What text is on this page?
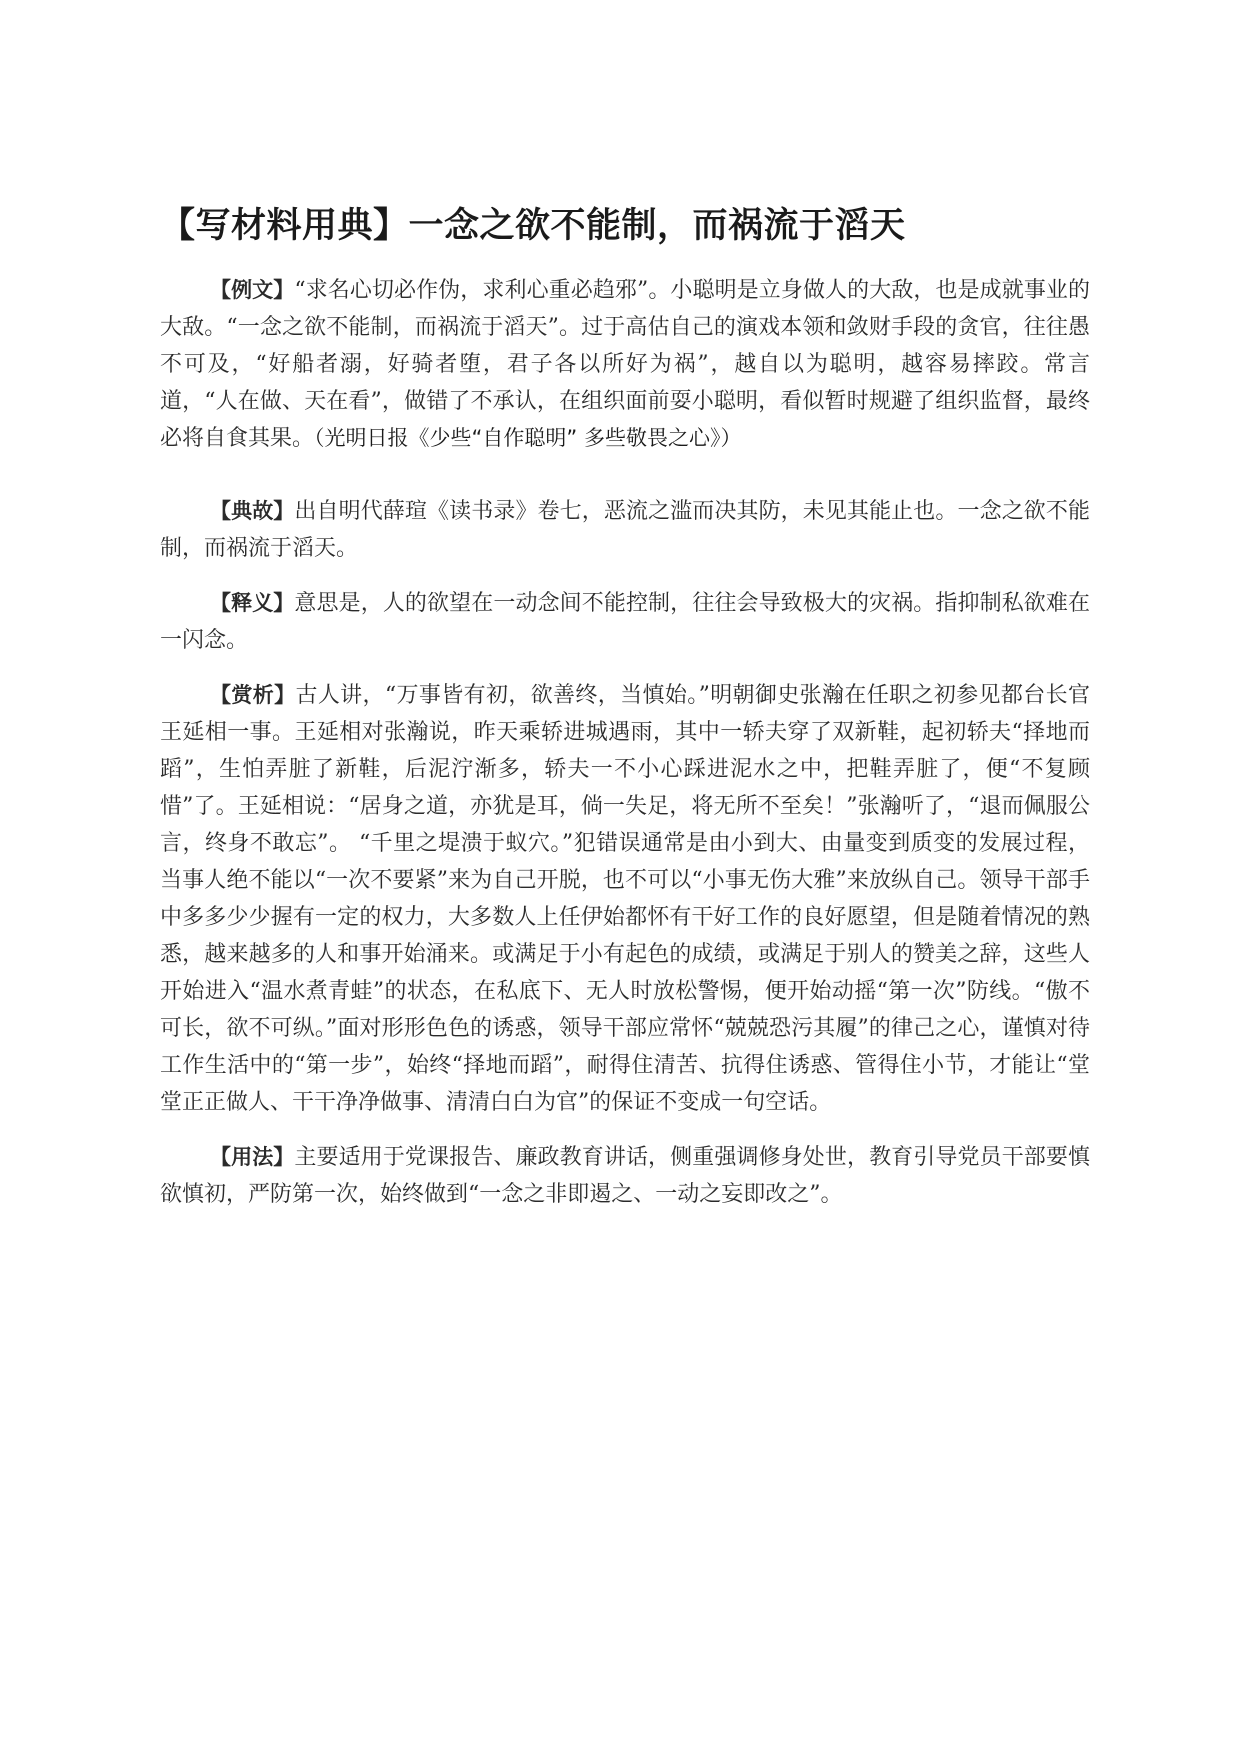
【写材料用典】一念之欲不能制，而祸流于滔天

【例文】“求名心切必作伪，求利心重必趋邪”。小聪明是立身做人的大敌，也是成就事业的大敌。“一念之欲不能制，而祸流于滔天”。过于高估自己的演戏本领和敛财手段的贪官，往往愚不可及，“好船者溺，好骑者堕，君子各以所好为祸”，越自以为聪明，越容易摔跤。常言道，“人在做、天在看”，做错了不承认，在组织面前耍小聪明，看似暂时规避了组织监督，最终必将自食其果。（光明日报《少些“自作聪明” 多些敬畏之心》）

【典故】出自明代薛瑄《读书录》卷七，恶流之滥而决其防，未见其能止也。一念之欲不能制，而祸流于滔天。

【释义】意思是，人的欲望在一动念间不能控制，往往会导致极大的灾祸。指抑制私欲难在一闪念。

【赏析】古人讲，“万事皆有初，欲善终，当慎始。”明朝御史张瀚在任职之初参见都台长官王延相一事。王延相对张瀚说，昨天乘轿进城遇雨，其中一轿夫穿了双新鞋，起初轿夫“择地而蹈”，生怕弄脏了新鞋，后泥泞渐多，轿夫一不小心踩进泥水之中，把鞋弄脏了，便“不复顾惜”了。王延相说：“居身之道，亦犹是耳，倘一失足，将无所不至矣！”张瀚听了，“退而佩服公言，终身不敢忘”。 “千里之堤溃于蚁穴。”犯错误通常是由小到大、由量变到质变的发展过程，当事人绝不能以“一次不要紧”来为自己开脱，也不可以“小事无伤大雅”来放纵自己。领导干部手中多多少少握有一定的权力，大多数人上任伊始都怀有干好工作的良好愿望，但是随着情况的熟悉，越来越多的人和事开始涌来。或满足于小有起色的成绩，或满足于别人的赞美之辞，这些人开始进入“温水煮青蛙”的状态，在私底下、无人时放松警惕，便开始动摇“第一次”防线。“傲不可长，欲不可纵。”面对形形色色的诱惑，领导干部应常怀“兢兢恐污其履”的律己之心，谨慎对待工作生活中的“第一步”，始终“择地而蹈”，耐得住清苦、抗得住诱惑、管得住小节，才能让“堂堂正正做人、干干净净做事、清清白白为官”的保证不变成一句空话。

【用法】主要适用于党课报告、廉政教育讲话，侧重强调修身处世，教育引导党员干部要慎欲慎初，严防第一次，始终做到“一念之非即遏之、一动之妄即改之”。
